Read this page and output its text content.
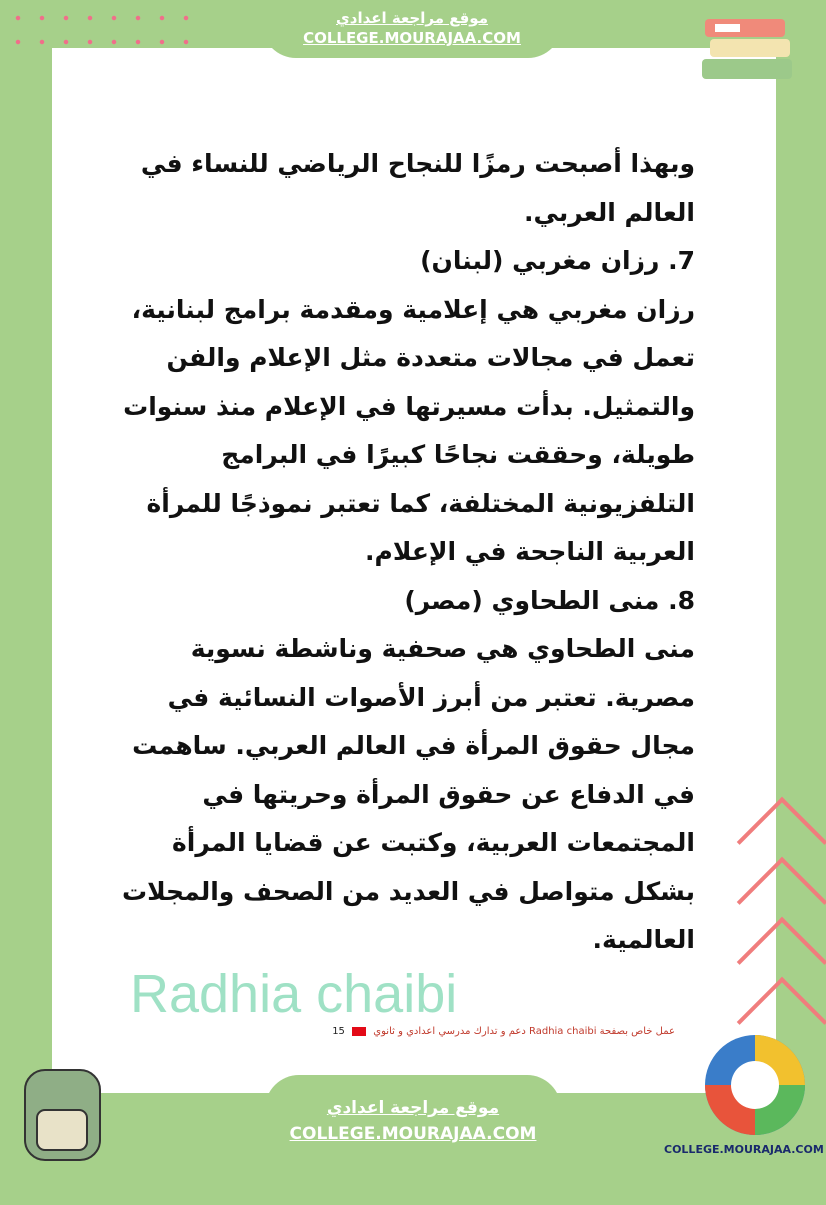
موقع مراجعة اعدادي
COLLEGE.MOURAJAA.COM
وبهذا أصبحت رمزًا للنجاح الرياضي للنساء في
العالم العربي.
7. رزان مغربي (لبنان)
رزان مغربي هي إعلامية ومقدمة برامج لبنانية،
تعمل في مجالات متعددة مثل الإعلام والفن
والتمثيل. بدأت مسيرتها في الإعلام منذ سنوات
طويلة، وحققت نجاحًا كبيرًا في البرامج
التلفزيونية المختلفة، كما تعتبر نموذجًا للمرأة
العربية الناجحة في الإعلام.
8. منى الطحاوي (مصر)
منى الطحاوي هي صحفية وناشطة نسوية
مصرية. تعتبر من أبرز الأصوات النسائية في
مجال حقوق المرأة في العالم العربي. ساهمت
في الدفاع عن حقوق المرأة وحريتها في
المجتمعات العربية، وكتبت عن قضايا المرأة
بشكل متواصل في العديد من الصحف والمجلات
العالمية.
Radhia chaibi
عمل خاص بصفحة Radhia chaibi دعم و تدارك مدرسي اعدادي و ثانوي  15
موقع مراجعة اعدادي
COLLEGE.MOURAJAA.COM
COLLEGE.MOURAJAA.COM
